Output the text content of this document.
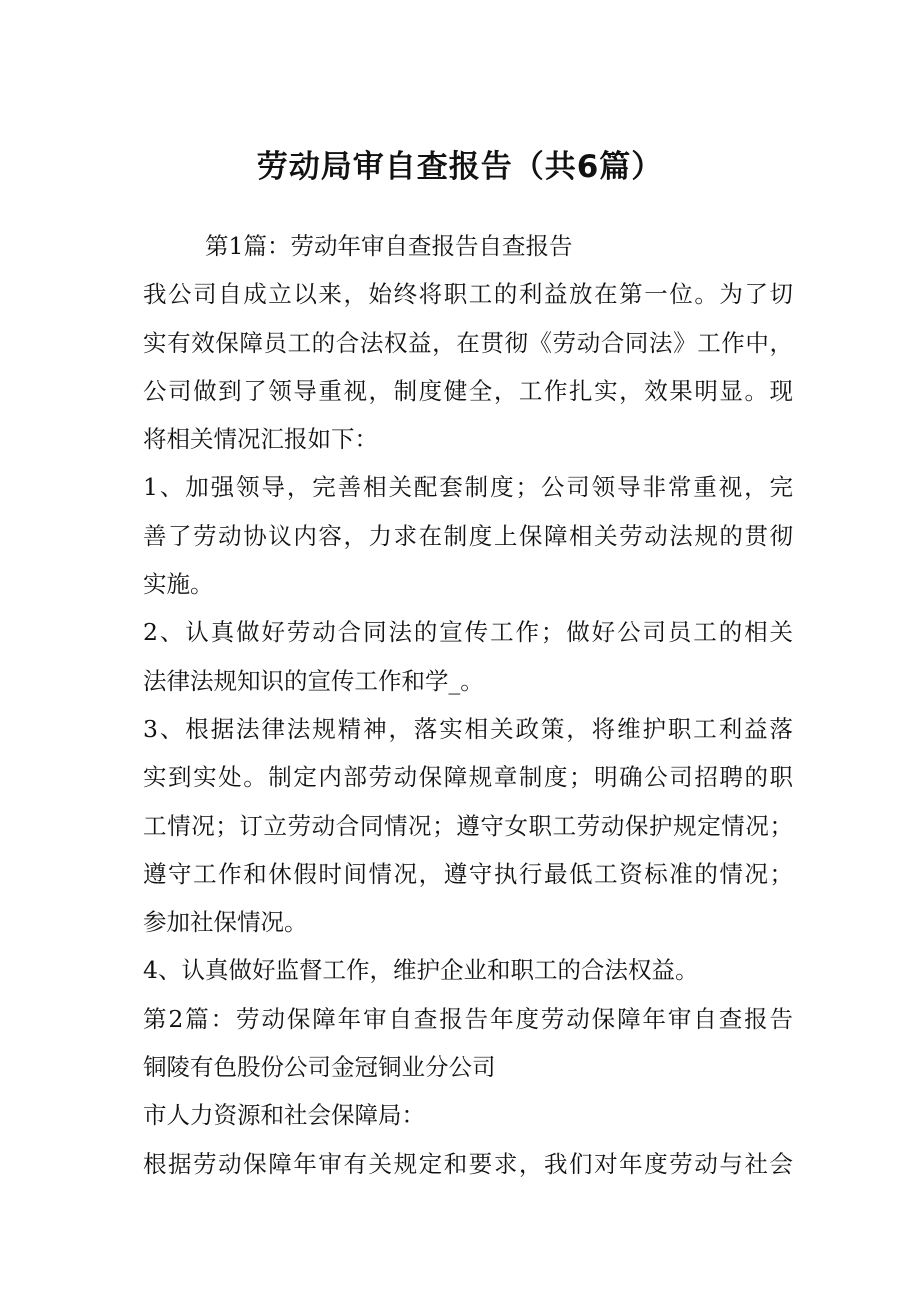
劳动局审自查报告（共6篇）
第1篇：劳动年审自查报告自查报告
我公司自成立以来，始终将职工的利益放在第一位。为了切
实有效保障员工的合法权益，在贯彻《劳动合同法》工作中，
公司做到了领导重视，制度健全，工作扎实，效果明显。现
将相关情况汇报如下：
1、加强领导，完善相关配套制度；公司领导非常重视，完
善了劳动协议内容，力求在制度上保障相关劳动法规的贯彻
实施。
2、认真做好劳动合同法的宣传工作；做好公司员工的相关
法律法规知识的宣传工作和学_。
3、根据法律法规精神，落实相关政策，将维护职工利益落
实到实处。制定内部劳动保障规章制度；明确公司招聘的职
工情况；订立劳动合同情况；遵守女职工劳动保护规定情况；
遵守工作和休假时间情况，遵守执行最低工资标准的情况；
参加社保情况。
4、认真做好监督工作，维护企业和职工的合法权益。
第2篇：劳动保障年审自查报告年度劳动保障年审自查报告
铜陵有色股份公司金冠铜业分公司
市人力资源和社会保障局：
根据劳动保障年审有关规定和要求，我们对年度劳动与社会
